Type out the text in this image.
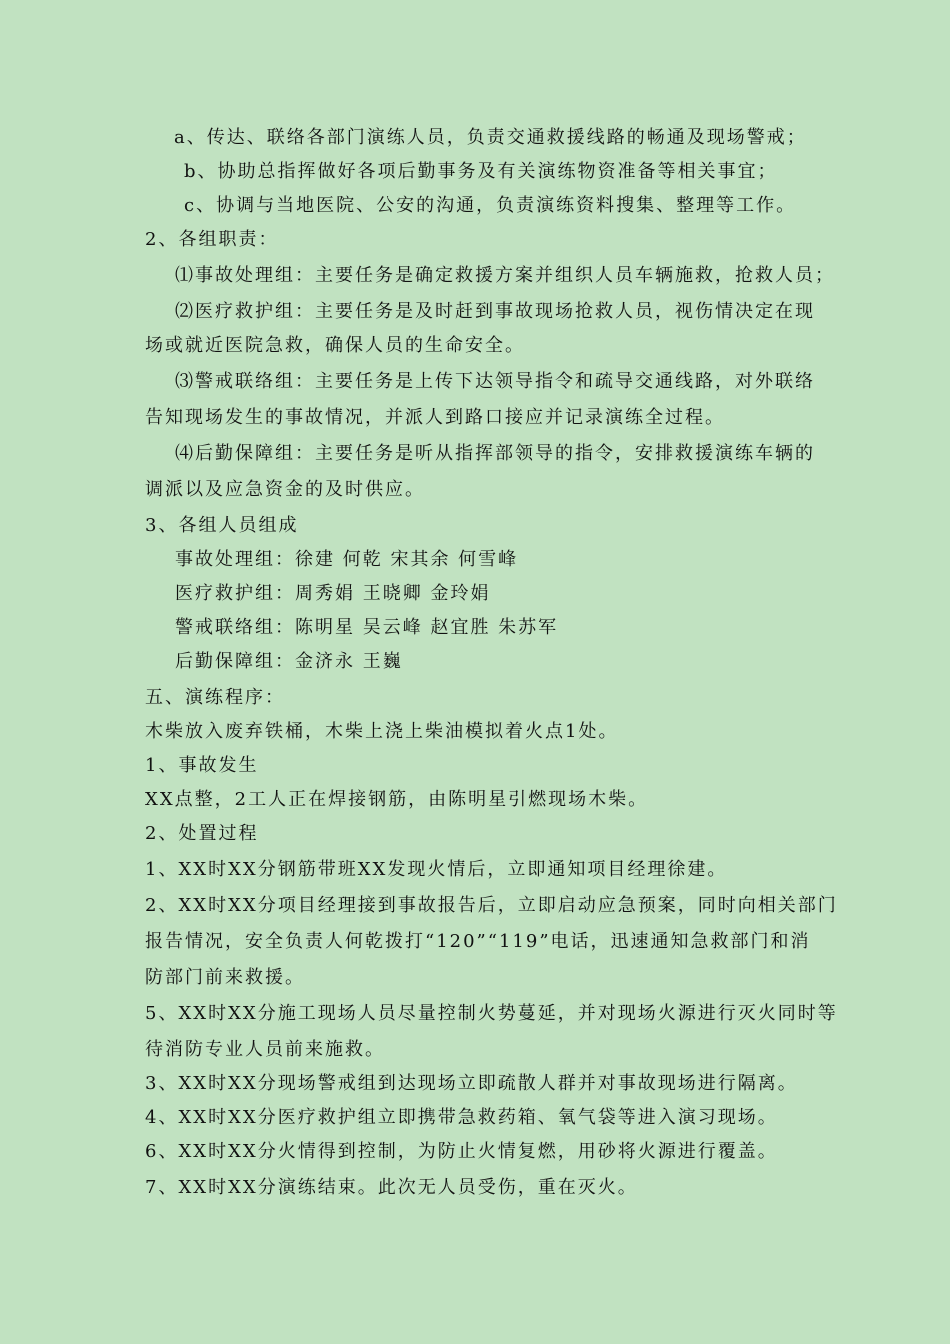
a、传达、联络各部门演练人员，负责交通救援线路的畅通及现场警戒；
b、协助总指挥做好各项后勤事务及有关演练物资准备等相关事宜；
c、协调与当地医院、公安的沟通，负责演练资料搜集、整理等工作。
2、各组职责：
⑴事故处理组：主要任务是确定救援方案并组织人员车辆施救，抢救人员；
⑵医疗救护组：主要任务是及时赶到事故现场抢救人员，视伤情决定在现
场或就近医院急救，确保人员的生命安全。
⑶警戒联络组：主要任务是上传下达领导指令和疏导交通线路，对外联络
告知现场发生的事故情况，并派人到路口接应并记录演练全过程。
⑷后勤保障组：主要任务是听从指挥部领导的指令，安排救援演练车辆的
调派以及应急资金的及时供应。
3、各组人员组成
事故处理组：徐建 何乾 宋其余 何雪峰
医疗救护组：周秀娟 王晓卿 金玲娟
警戒联络组：陈明星 吴云峰 赵宜胜 朱苏军
后勤保障组：金济永 王巍
五、演练程序：
木柴放入废弃铁桶，木柴上浇上柴油模拟着火点1处。
1、事故发生
XX点整，2工人正在焊接钢筋，由陈明星引燃现场木柴。
2、处置过程
1、XX时XX分钢筋带班XX发现火情后，立即通知项目经理徐建。
2、XX时XX分项目经理接到事故报告后，立即启动应急预案，同时向相关部门
报告情况，安全负责人何乾拨打“120”“119”电话，迅速通知急救部门和消
防部门前来救援。
5、XX时XX分施工现场人员尽量控制火势蔓延，并对现场火源进行灭火同时等
待消防专业人员前来施救。
3、XX时XX分现场警戒组到达现场立即疏散人群并对事故现场进行隔离。
4、XX时XX分医疗救护组立即携带急救药箱、氧气袋等进入演习现场。
6、XX时XX分火情得到控制，为防止火情复燃，用砂将火源进行覆盖。
7、XX时XX分演练结束。此次无人员受伤，重在灭火。
